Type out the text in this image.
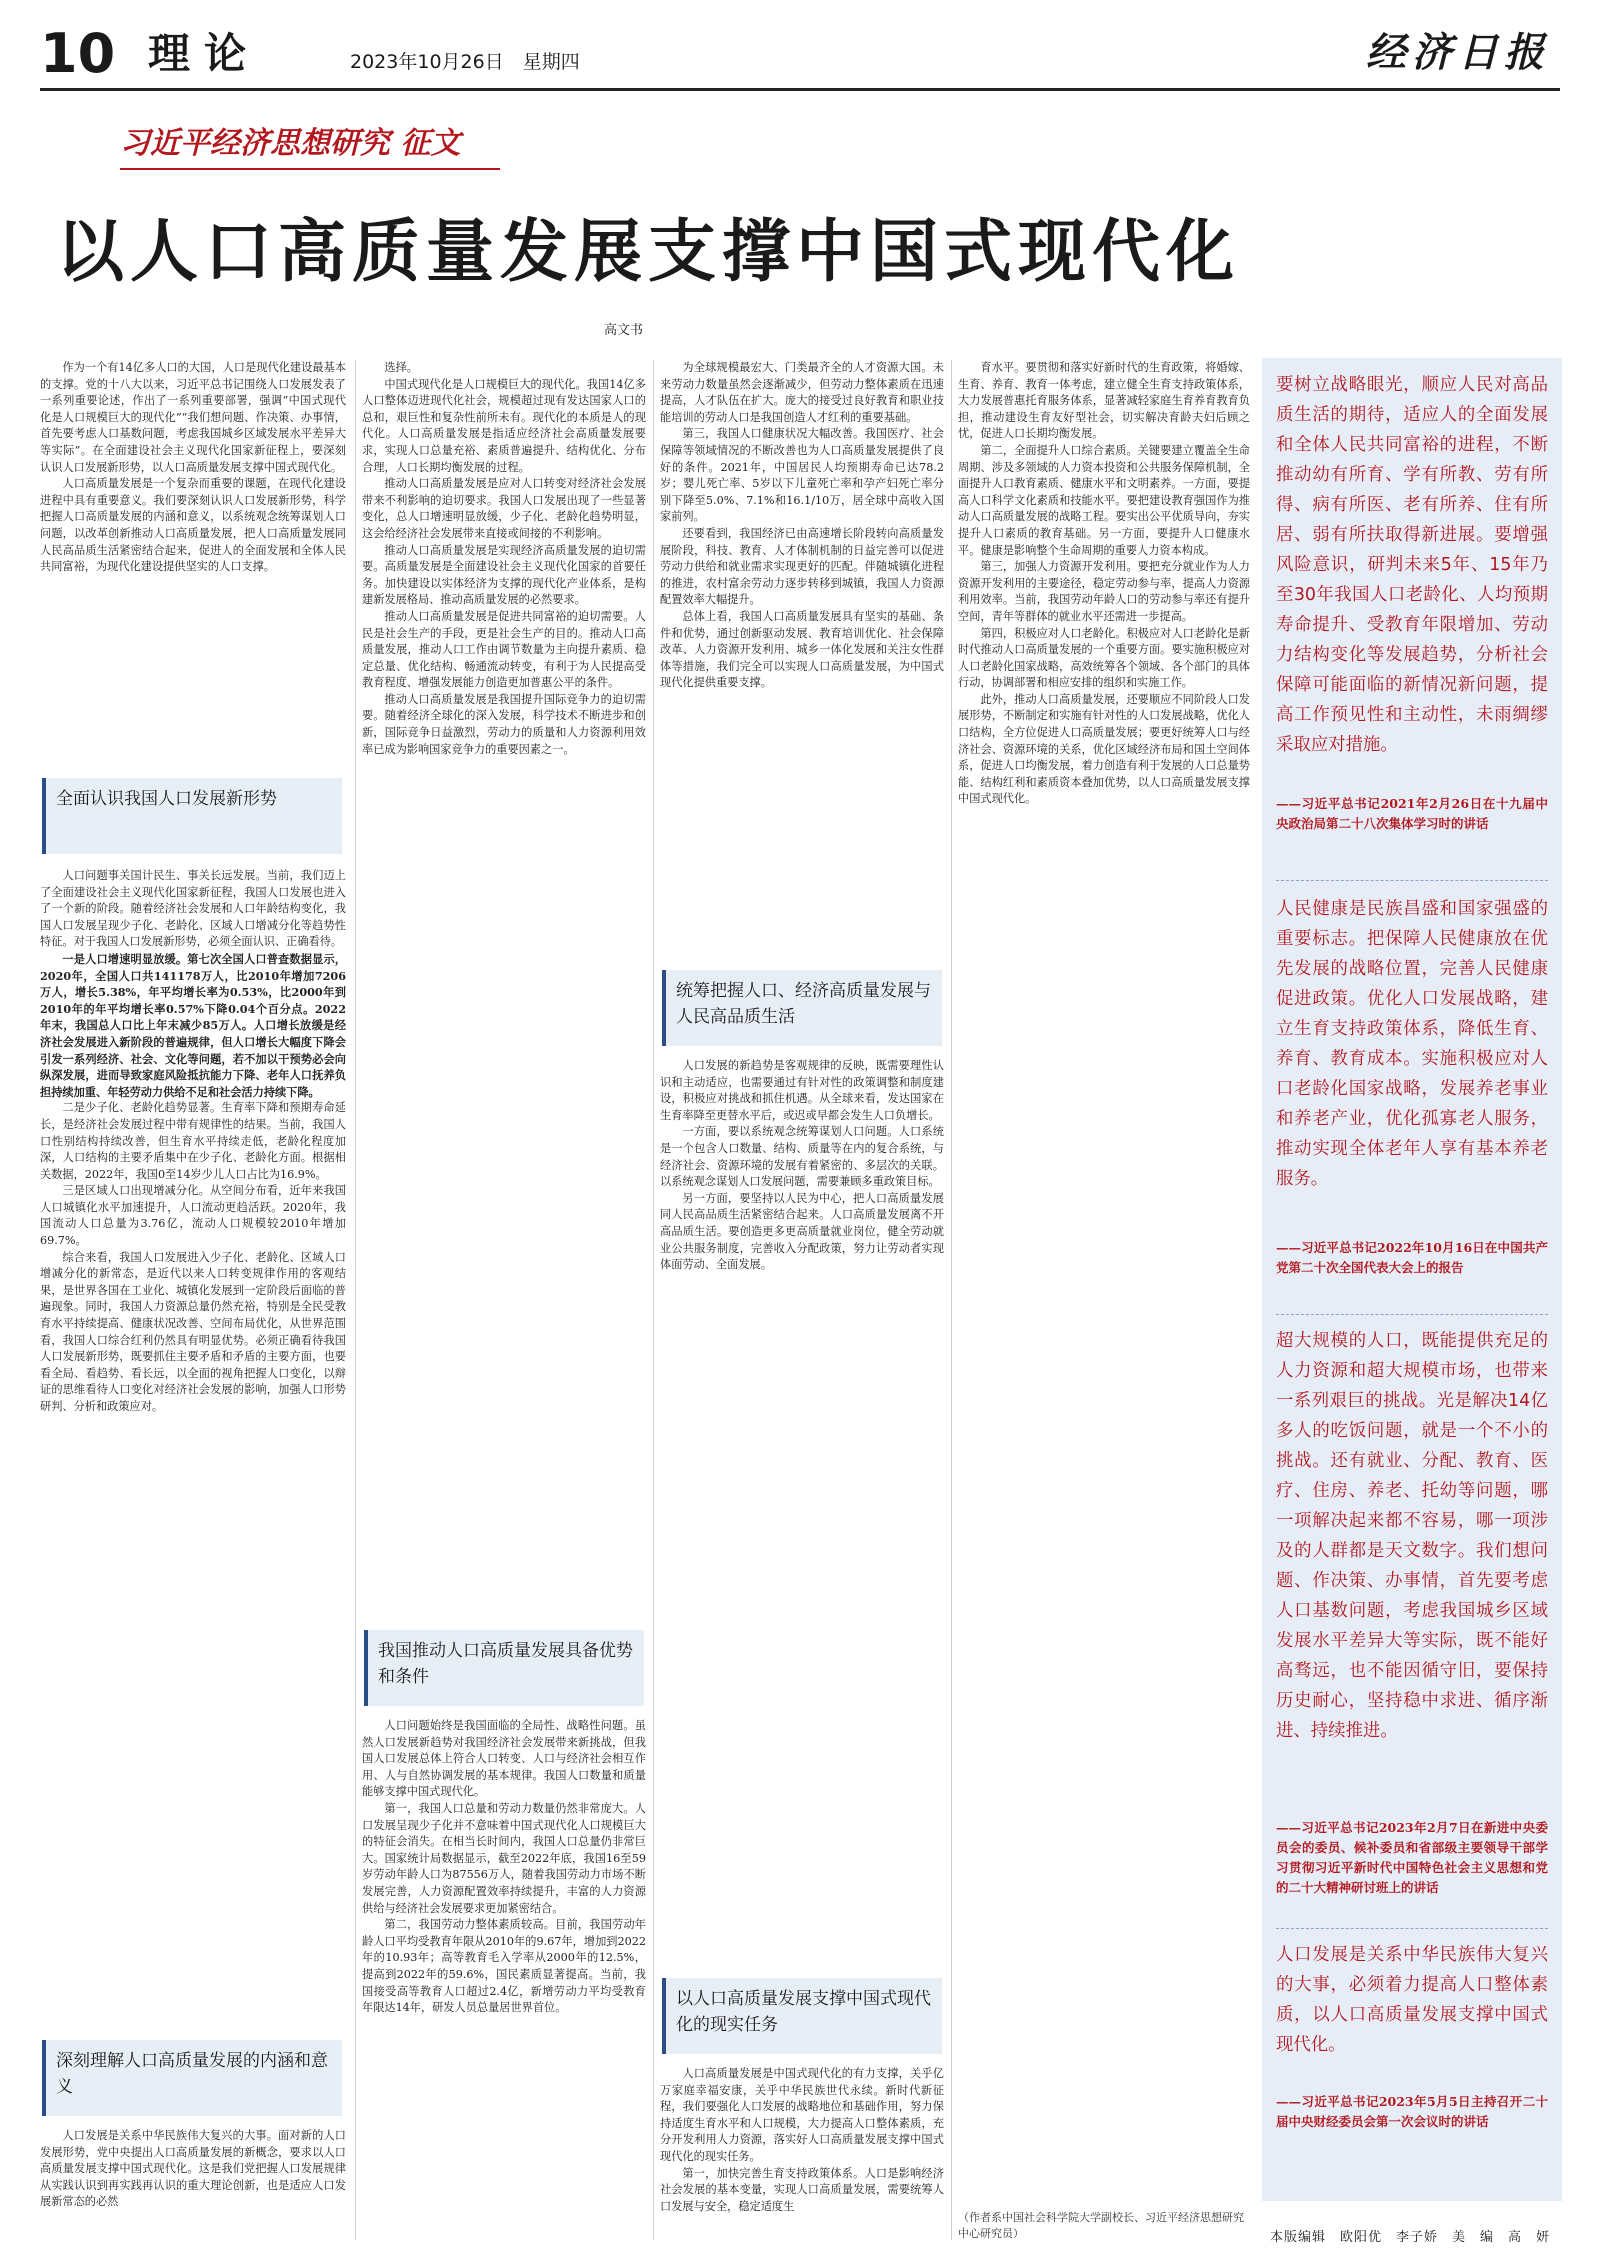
10 理论	2023年10月26日　星期四	经济日报
习近平经济思想研究 征文
以人口高质量发展支撑中国式现代化
高文书

作为一个有14亿多人口的大国，人口是现代化建设最基本的支撑。党的十八大以来，习近平总书记围绕人口发展发表了一系列重要论述，作出了一系列重要部署，强调“中国式现代化是人口规模巨大的现代化”“我们想问题、作决策、办事情，首先要考虑人口基数问题，考虑我国城乡区域发展水平差异大等实际”。在全面建设社会主义现代化国家新征程上，要深刻认识人口发展新形势，以人口高质量发展支撑中国式现代化。

人口高质量发展是一个复杂而重要的课题，在现代化建设进程中具有重要意义。我们要深刻认识人口发展新形势，科学把握人口高质量发展的内涵和意义，以系统观念统筹谋划人口问题，以改革创新推动人口高质量发展，把人口高质量发展同人民高品质生活紧密结合起来，促进人的全面发展和全体人民共同富裕，为现代化建设提供坚实的人口支撑。

全面认识我国人口发展新形势

人口问题事关国计民生、事关长远发展。当前，我们迈上了全面建设社会主义现代化国家新征程，我国人口发展也进入了一个新的阶段。随着经济社会发展和人口年龄结构变化，我国人口发展呈现少子化、老龄化、区域人口增减分化等趋势性特征。对于我国人口发展新形势，必须全面认识、正确看待。

一是人口增速明显放缓。第七次全国人口普查数据显示，2020年，全国人口共141178万人，比2010年增加7206万人，增长5.38%，年平均增长率为0.53%，比2000年到2010年的年平均增长率0.57%下降0.04个百分点。2022年末，我国总人口比上年末减少85万人。人口增长放缓是经济社会发展进入新阶段的普遍规律，但人口增长大幅度下降会引发一系列经济、社会、文化等问题，若不加以干预势必会向纵深发展，进而导致家庭风险抵抗能力下降、老年人口抚养负担持续加重、年轻劳动力供给不足和社会活力持续下降。

二是少子化、老龄化趋势显著。生育率下降和预期寿命延长，是经济社会发展过程中带有规律性的结果。当前，我国人口性别结构持续改善，但生育水平持续走低，老龄化程度加深，人口结构的主要矛盾集中在少子化、老龄化方面。根据相关数据，2022年，我国0至14岁少儿人口占比为16.9%。

三是区域人口出现增减分化。从空间分布看，近年来我国人口城镇化水平加速提升，人口流动更趋活跃。2020年，我国流动人口总量为3.76亿，流动人口规模较2010年增加69.7%。

综合来看，我国人口发展进入少子化、老龄化、区域人口增减分化的新常态，是近代以来人口转变规律作用的客观结果，是世界各国在工业化、城镇化发展到一定阶段后面临的普遍现象。同时，我国人力资源总量仍然充裕，特别是全民受教育水平持续提高、健康状况改善、空间布局优化，从世界范围看，我国人口综合红利仍然具有明显优势。必须正确看待我国人口发展新形势，既要抓住主要矛盾和矛盾的主要方面，也要看全局、看趋势、看长远，以全面的视角把握人口变化，以辩证的思维看待人口变化对经济社会发展的影响，加强人口形势研判、分析和政策应对。

深刻理解人口高质量发展的内涵和意义

人口发展是关系中华民族伟大复兴的大事。面对新的人口发展形势，党中央提出人口高质量发展的新概念，要求以人口高质量发展支撑中国式现代化。这是我们党把握人口发展规律从实践认识到再实践再认识的重大理论创新，也是适应人口发展新常态的必然

选择。

中国式现代化是人口规模巨大的现代化。我国14亿多人口整体迈进现代化社会，规模超过现有发达国家人口的总和，艰巨性和复杂性前所未有。现代化的本质是人的现代化。人口高质量发展是指适应经济社会高质量发展要求，实现人口总量充裕、素质普遍提升、结构优化、分布合理，人口长期均衡发展的过程。

推动人口高质量发展是应对人口转变对经济社会发展带来不利影响的迫切要求。我国人口发展出现了一些显著变化，总人口增速明显放缓，少子化、老龄化趋势明显，这会给经济社会发展带来直接或间接的不利影响。

推动人口高质量发展是实现经济高质量发展的迫切需要。高质量发展是全面建设社会主义现代化国家的首要任务。加快建设以实体经济为支撑的现代化产业体系，是构建新发展格局、推动高质量发展的必然要求。

推动人口高质量发展是促进共同富裕的迫切需要。人民是社会生产的手段，更是社会生产的目的。推动人口高质量发展，推动人口工作由调节数量为主向提升素质、稳定总量、优化结构、畅通流动转变，有利于为人民提高受教育程度、增强发展能力创造更加普惠公平的条件。

推动人口高质量发展是我国提升国际竞争力的迫切需要。随着经济全球化的深入发展，科学技术不断进步和创新，国际竞争日益激烈，劳动力的质量和人力资源利用效率已成为影响国家竞争力的重要因素之一。

我国推动人口高质量发展具备优势和条件

人口问题始终是我国面临的全局性、战略性问题。虽然人口发展新趋势对我国经济社会发展带来新挑战，但我国人口发展总体上符合人口转变、人口与经济社会相互作用、人与自然协调发展的基本规律。我国人口数量和质量能够支撑中国式现代化。

第一，我国人口总量和劳动力数量仍然非常庞大。人口发展呈现少子化并不意味着中国式现代化人口规模巨大的特征会消失。在相当长时间内，我国人口总量仍非常巨大。国家统计局数据显示，截至2022年底，我国16至59岁劳动年龄人口为87556万人，随着我国劳动力市场不断发展完善，人力资源配置效率持续提升，丰富的人力资源供给与经济社会发展要求更加紧密结合。

第二，我国劳动力整体素质较高。目前，我国劳动年龄人口平均受教育年限从2010年的9.67年，增加到2022年的10.93年；高等教育毛入学率从2000年的12.5%，提高到2022年的59.6%，国民素质显著提高。当前，我国接受高等教育人口超过2.4亿，新增劳动力平均受教育年限达14年，研发人员总量居世界首位。

为全球规模最宏大、门类最齐全的人才资源大国。未来劳动力数量虽然会逐渐减少，但劳动力整体素质在迅速提高，人才队伍在扩大。庞大的接受过良好教育和职业技能培训的劳动人口是我国创造人才红利的重要基础。

第三，我国人口健康状况大幅改善。我国医疗、社会保障等领域情况的不断改善也为人口高质量发展提供了良好的条件。2021年，中国居民人均预期寿命已达78.2岁；婴儿死亡率、5岁以下儿童死亡率和孕产妇死亡率分别下降至5.0%、7.1%和16.1/10万，居全球中高收入国家前列。

还要看到，我国经济已由高速增长阶段转向高质量发展阶段，科技、教育、人才体制机制的日益完善可以促进劳动力供给和就业需求实现更好的匹配。伴随城镇化进程的推进，农村富余劳动力逐步转移到城镇，我国人力资源配置效率大幅提升。

总体上看，我国人口高质量发展具有坚实的基础、条件和优势，通过创新驱动发展、教育培训优化、社会保障改革、人力资源开发利用、城乡一体化发展和关注女性群体等措施，我们完全可以实现人口高质量发展，为中国式现代化提供重要支撑。

统筹把握人口、经济高质量发展与人民高品质生活

人口发展的新趋势是客观规律的反映，既需要理性认识和主动适应，也需要通过有针对性的政策调整和制度建设，积极应对挑战和抓住机遇。从全球来看，发达国家在生育率降至更替水平后，或迟或早都会发生人口负增长。

一方面，要以系统观念统筹谋划人口问题。人口系统是一个包含人口数量、结构、质量等在内的复合系统，与经济社会、资源环境的发展有着紧密的、多层次的关联。以系统观念谋划人口发展问题，需要兼顾多重政策目标。

另一方面，要坚持以人民为中心，把人口高质量发展同人民高品质生活紧密结合起来。人口高质量发展离不开高品质生活。要创造更多更高质量就业岗位，健全劳动就业公共服务制度，完善收入分配政策，努力让劳动者实现体面劳动、全面发展。

以人口高质量发展支撑中国式现代化的现实任务

人口高质量发展是中国式现代化的有力支撑，关乎亿万家庭幸福安康，关乎中华民族世代永续。新时代新征程，我们要强化人口发展的战略地位和基础作用，努力保持适度生育水平和人口规模，大力提高人口整体素质，充分开发利用人力资源，落实好人口高质量发展支撑中国式现代化的现实任务。

第一，加快完善生育支持政策体系。人口是影响经济社会发展的基本变量，实现人口高质量发展，需要统筹人口发展与安全，稳定适度生

育水平。要贯彻和落实好新时代的生育政策，将婚嫁、生育、养育、教育一体考虑，建立健全生育支持政策体系，大力发展普惠托育服务体系，显著减轻家庭生育养育教育负担，推动建设生育友好型社会，切实解决育龄夫妇后顾之忧，促进人口长期均衡发展。

第二，全面提升人口综合素质。关键要建立覆盖全生命周期、涉及多领域的人力资本投资和公共服务保障机制，全面提升人口教育素质、健康水平和文明素养。一方面，要提高人口科学文化素质和技能水平。要把建设教育强国作为推动人口高质量发展的战略工程。要实出公平优质导向，夯实提升人口素质的教育基础。另一方面，要提升人口健康水平。健康是影响整个生命周期的重要人力资本构成。

第三，加强人力资源开发利用。要把充分就业作为人力资源开发利用的主要途径，稳定劳动参与率，提高人力资源利用效率。当前，我国劳动年龄人口的劳动参与率还有提升空间，青年等群体的就业水平还需进一步提高。

第四，积极应对人口老龄化。积极应对人口老龄化是新时代推动人口高质量发展的一个重要方面。要实施积极应对人口老龄化国家战略，高效统筹各个领域、各个部门的具体行动，协调部署和相应安排的组织和实施工作。

此外，推动人口高质量发展，还要顺应不同阶段人口发展形势，不断制定和实施有针对性的人口发展战略，优化人口结构，全方位促进人口高质量发展；要更好统筹人口与经济社会、资源环境的关系，优化区域经济布局和国土空间体系，促进人口均衡发展，着力创造有利于发展的人口总量势能、结构红利和素质资本叠加优势，以人口高质量发展支撑中国式现代化。

（作者系中国社会科学院大学副校长、习近平经济思想研究中心研究员）
要树立战略眼光，顺应人民对高品质生活的期待，适应人的全面发展和全体人民共同富裕的进程，不断推动幼有所育、学有所教、劳有所得、病有所医、老有所养、住有所居、弱有所扶取得新进展。要增强风险意识，研判未来5年、15年乃至30年我国人口老龄化、人均预期寿命提升、受教育年限增加、劳动力结构变化等发展趋势，分析社会保障可能面临的新情况新问题，提高工作预见性和主动性，未雨绸缪采取应对措施。
——习近平总书记2021年2月26日在十九届中央政治局第二十八次集体学习时的讲话
人民健康是民族昌盛和国家强盛的重要标志。把保障人民健康放在优先发展的战略位置，完善人民健康促进政策。优化人口发展战略，建立生育支持政策体系，降低生育、养育、教育成本。实施积极应对人口老龄化国家战略，发展养老事业和养老产业，优化孤寡老人服务，推动实现全体老年人享有基本养老服务。
——习近平总书记2022年10月16日在中国共产党第二十次全国代表大会上的报告
超大规模的人口，既能提供充足的人力资源和超大规模市场，也带来一系列艰巨的挑战。光是解决14亿多人的吃饭问题，就是一个不小的挑战。还有就业、分配、教育、医疗、住房、养老、托幼等问题，哪一项解决起来都不容易，哪一项涉及的人群都是天文数字。我们想问题、作决策、办事情，首先要考虑人口基数问题，考虑我国城乡区域发展水平差异大等实际，既不能好高骛远，也不能因循守旧，要保持历史耐心，坚持稳中求进、循序渐进、持续推进。
——习近平总书记2023年2月7日在新进中央委员会的委员、候补委员和省部级主要领导干部学习贯彻习近平新时代中国特色社会主义思想和党的二十大精神研讨班上的讲话
人口发展是关系中华民族伟大复兴的大事，必须着力提高人口整体素质，以人口高质量发展支撑中国式现代化。
——习近平总书记2023年5月5日主持召开二十届中央财经委员会第一次会议时的讲话
本版编辑　欧阳优　李子娇　美　编　高　妍
